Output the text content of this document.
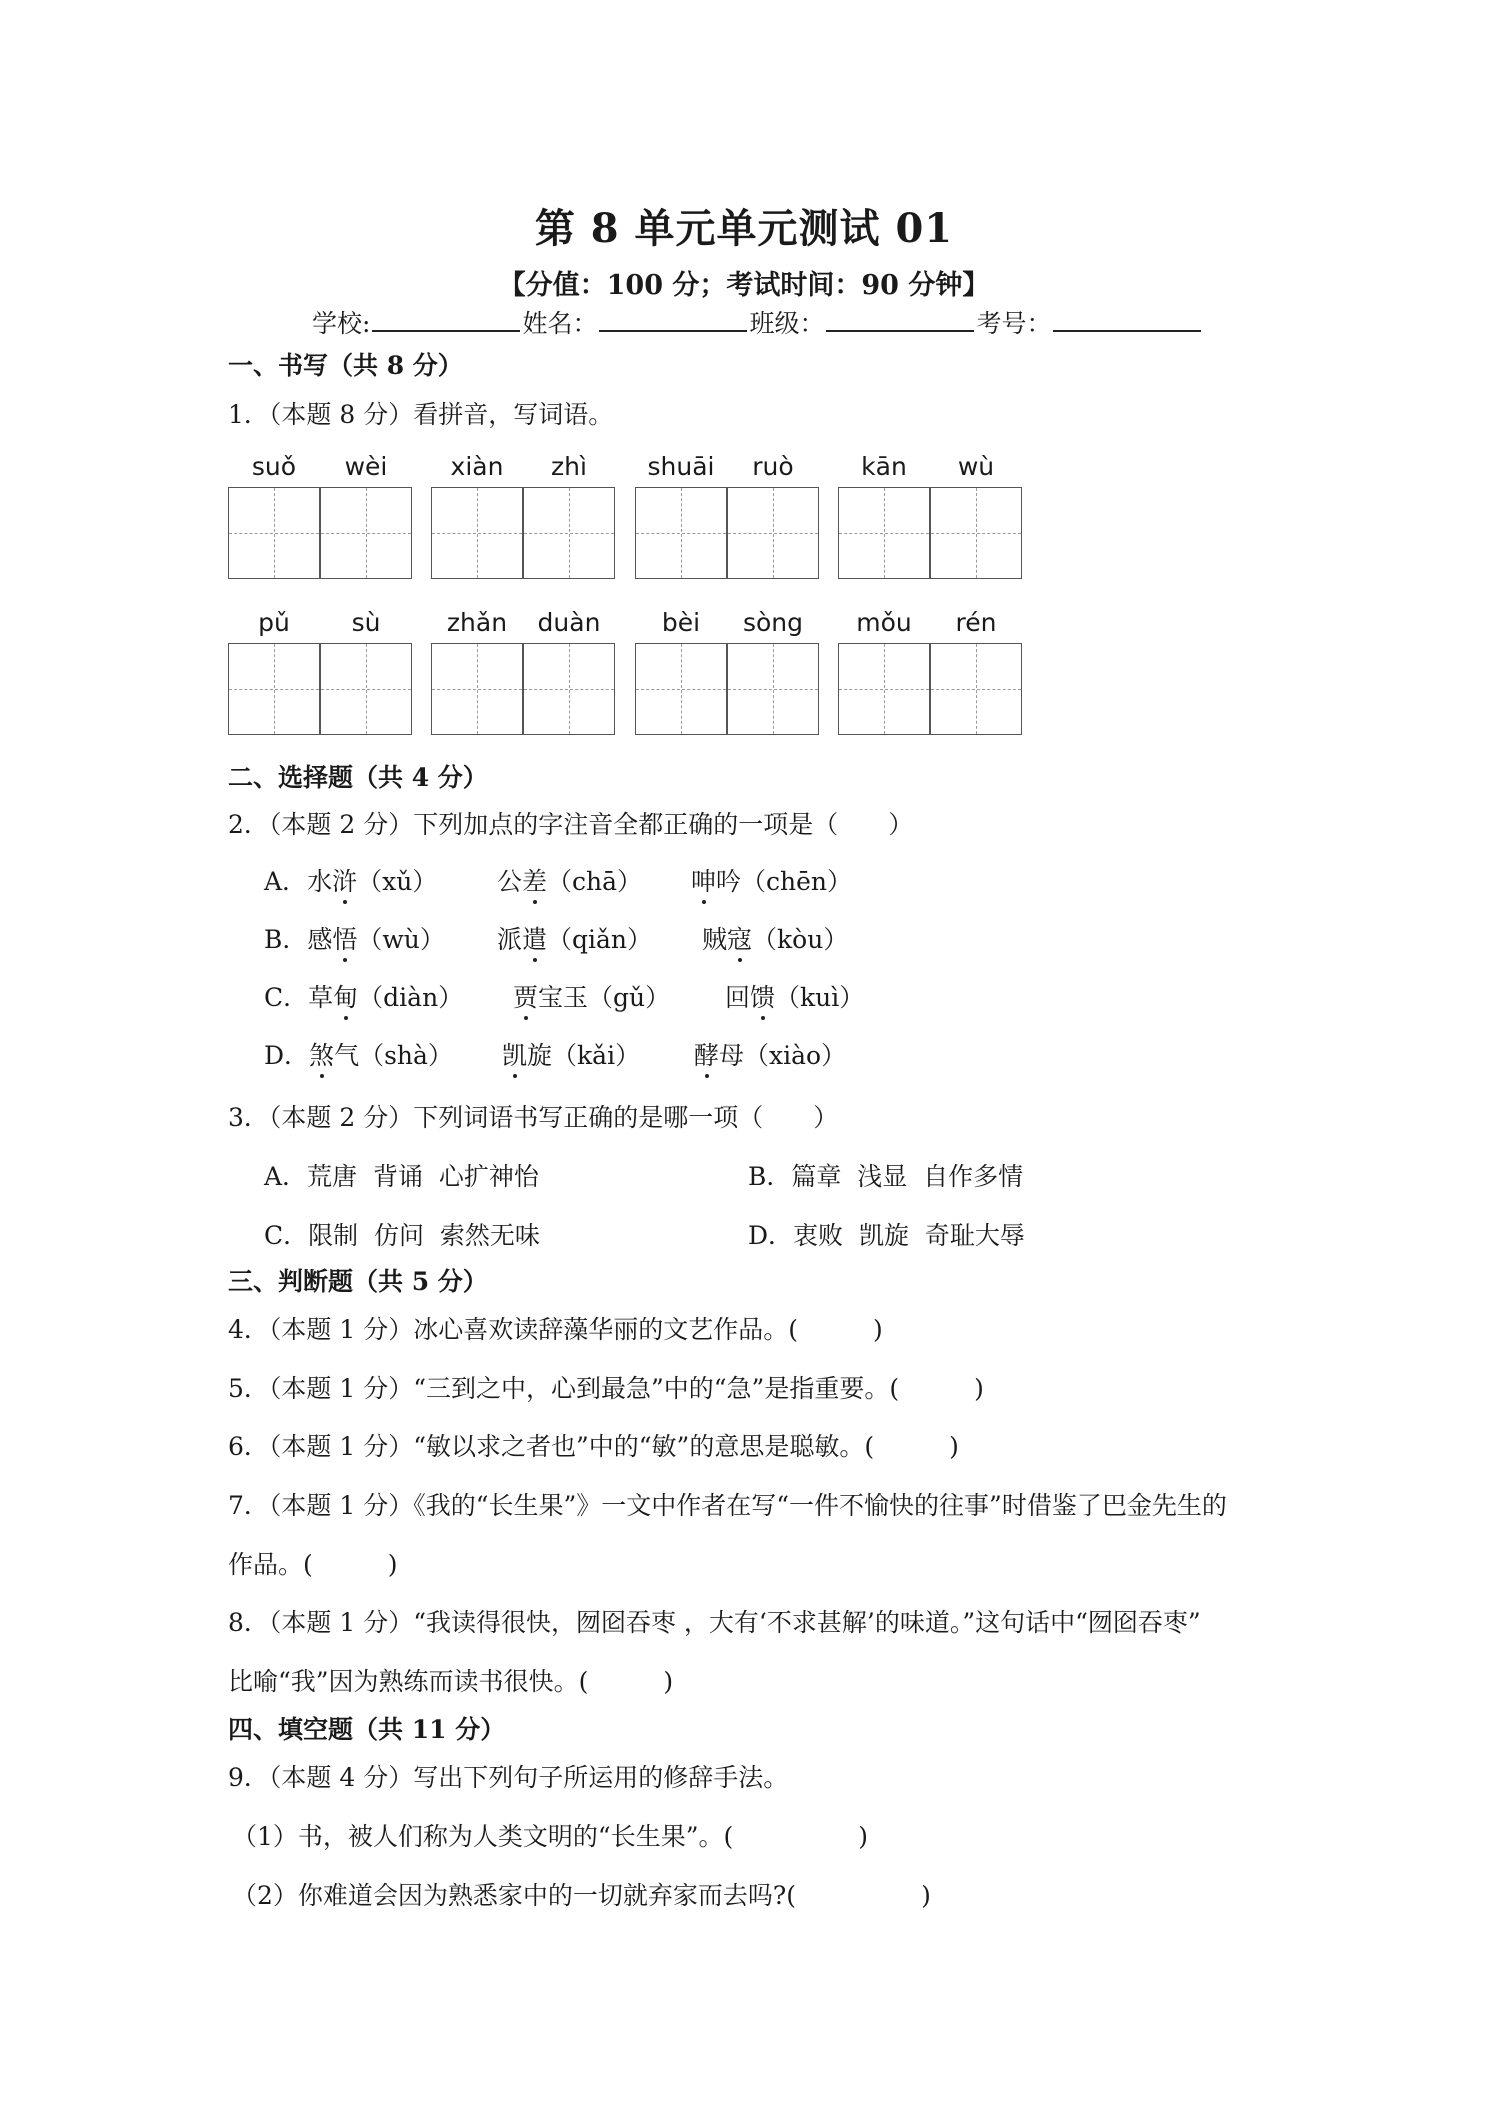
第 8 单元单元测试 01
【分值：100 分；考试时间：90 分钟】
学校:	姓名：	班级：	考号：
一、书写（共 8 分）
1．（本题 8 分）看拼音，写词语。
suǒ	wèi	xiàn	zhì	shuāi	ruò	kān	wù
pǔ	sù	zhǎn	duàn	bèi	sòng	mǒu	rén
二、选择题（共 4 分）
2．（本题 2 分）下列加点的字注音全都正确的一项是（　　）
A．水浒（xǔ） 公差（chā） 呻吟（chēn）
B．感悟（wù） 派遣（qiǎn） 贼寇（kòu）
C．草甸（diàn） 贾宝玉（gǔ） 回馈（kuì）
D．煞气（shà） 凯旋（kǎi） 酵母（xiào）
3．（本题 2 分）下列词语书写正确的是哪一项（　　）
A．荒唐  背诵  心扩神怡	B．篇章  浅显  自作多情
C．限制  仿问  索然无味	D．衷败  凯旋  奇耻大辱
三、判断题（共 5 分）
4．（本题 1 分）冰心喜欢读辞藻华丽的文艺作品。(　　　)
5．（本题 1 分）“三到之中，心到最急”中的“急”是指重要。(　　　)
6．（本题 1 分）“敏以求之者也”中的“敏”的意思是聪敏。(　　　)
7．（本题 1 分）《我的“长生果”》一文中作者在写“一件不愉快的往事”时借鉴了巴金先生的
作品。(　　　)
8．（本题 1 分）“我读得很快，囫囵吞枣 ，大有‘不求甚解’的味道。”这句话中“囫囵吞枣”
比喻“我”因为熟练而读书很快。(　　　)
四、填空题（共 11 分）
9．（本题 4 分）写出下列句子所运用的修辞手法。
（1）书，被人们称为人类文明的“长生果”。(　　　　　)
（2）你难道会因为熟悉家中的一切就弃家而去吗?(　　　　　)
